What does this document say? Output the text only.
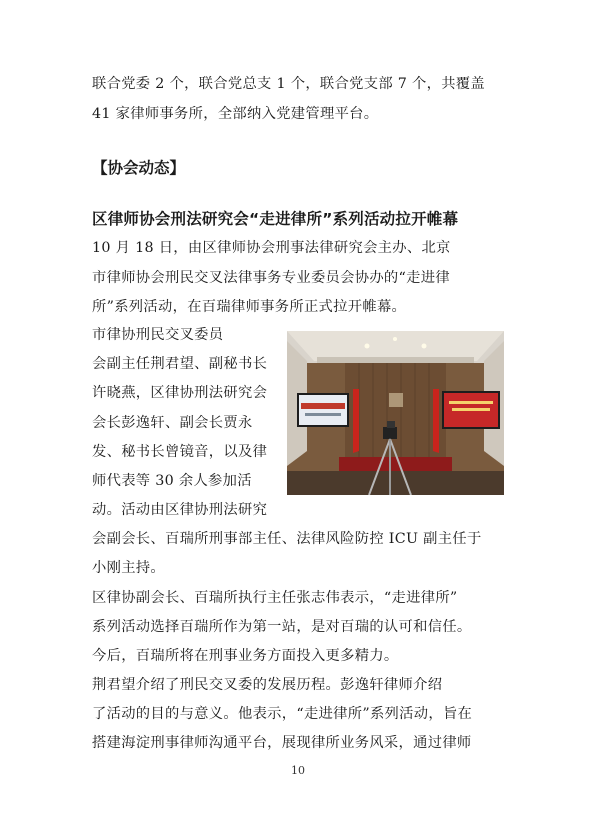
联合党委 2 个，联合党总支 1 个，联合党支部 7 个，共覆盖
41 家律师事务所，全部纳入党建管理平台。
【协会动态】
区律师协会刑法研究会“走进律所”系列活动拉开帷幕
10 月 18 日，由区律师协会刑事法律研究会主办、北京
市律师协会刑民交叉法律事务专业委员会协办的“走进律
所”系列活动，在百瑞律师事务所正式拉开帷幕。
市律协刑民交叉委员
会副主任荆君望、副秘书长
许晓燕，区律协刑法研究会
会长彭逸轩、副会长贾永
发、秘书长曾镜音，以及律
师代表等 30 余人参加活
动。活动由区律协刑法研究
会副会长、百瑞所刑事部主任、法律风险防控 ICU 副主任于
小刚主持。
区律协副会长、百瑞所执行主任张志伟表示，“走进律所”
系列活动选择百瑞所作为第一站，是对百瑞的认可和信任。
今后，百瑞所将在刑事业务方面投入更多精力。
荆君望介绍了刑民交叉委的发展历程。彭逸轩律师介绍
了活动的目的与意义。他表示，“走进律所”系列活动，旨在
搭建海淀刑事律师沟通平台，展现律所业务风采，通过律师
10
